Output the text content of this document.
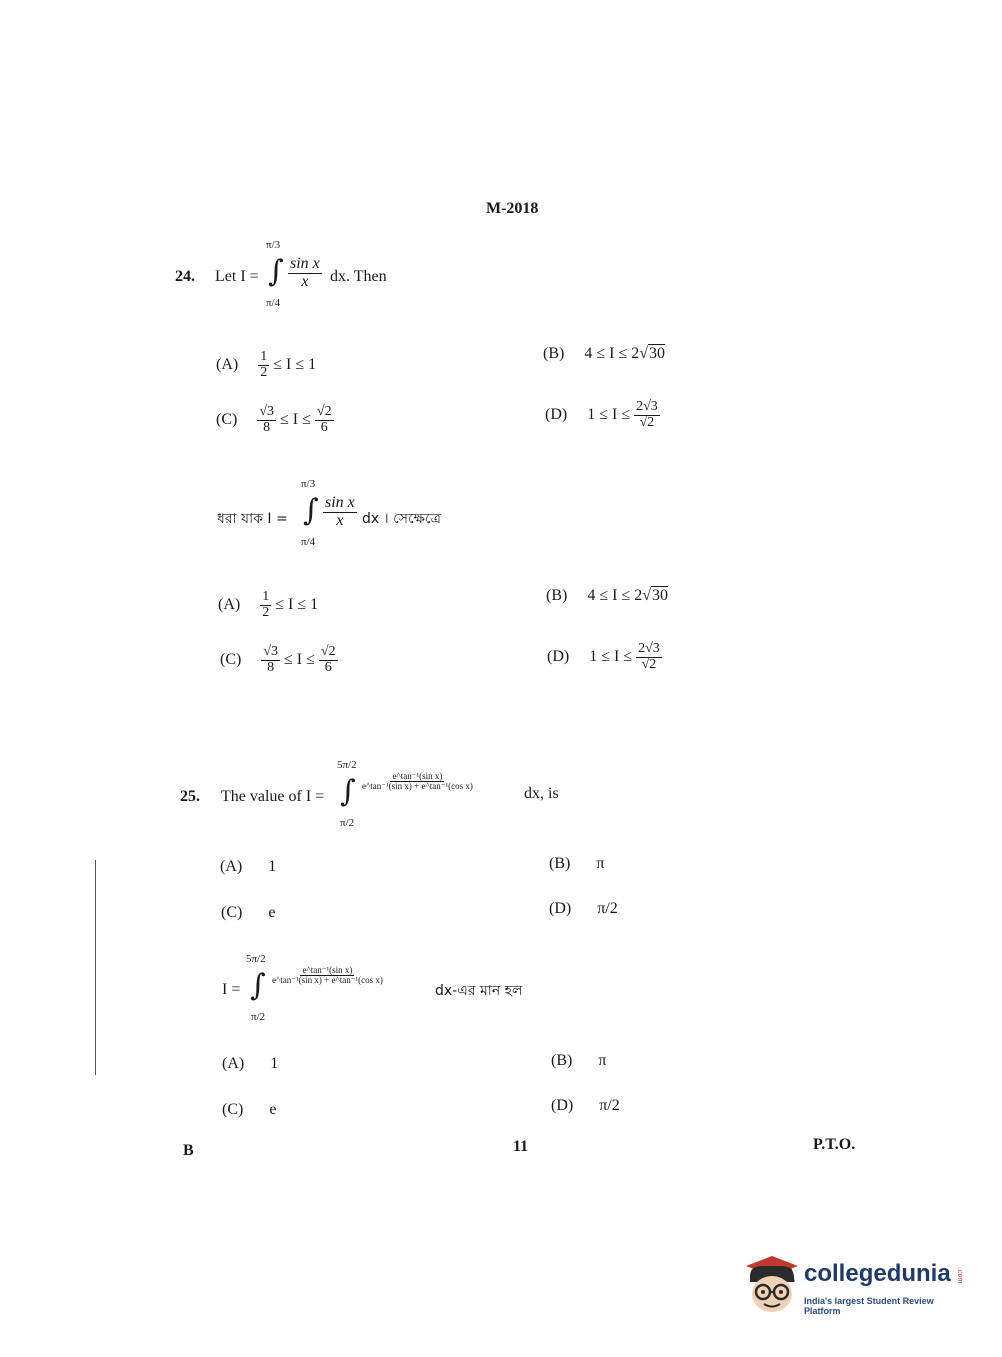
M-2018
24. Let I =
π/3
∫
π/4
$\frac{\text{sin x}}{x}$ dx. Then
$(A) \frac{1}{2} \le I \le 1$
(B) 4 ≤ I ≤ 2√30
$(C) \frac{√3}{8} \le I \le \frac{√2}{6}$	(D) $1 \le I \le \frac{2√3}{√2}$
ধরা যাক I =
π/3
∫
π/4
$\frac{\text{sin x}}{x}$ dx । সেক্ষেত্রে
$(A) \frac{1}{2} \le I \le 1$
(B) 4 ≤ I ≤ 2√30
$(C) \frac{√3}{8} \le I \le \frac{√2}{6}$	(D) $1 \le I \le \frac{2√3}{√2}$
25. The value of I =
5π/2
∫
π/2
$\frac{\text{e\textasciicircum{}tan⁻¹(sin x)}}{\text{e\textasciicircum{}tan⁻¹(sin x) + e\textasciicircum{}tan⁻¹(cos x)}}$
dx, is
(A) 1	(B) π
(C) e	(D) π/2
I =
5π/2
∫
π/2
$\frac{\text{e\textasciicircum{}tan⁻¹(sin x)}}{\text{e\textasciicircum{}tan⁻¹(sin x) + e\textasciicircum{}tan⁻¹(cos x)}}$
dx-এর মান হল
(A) 1	(B) π
(C) e	(D) π/2
B	11	P.T.O.
collegedunia .com
India's largest Student Review Platform
